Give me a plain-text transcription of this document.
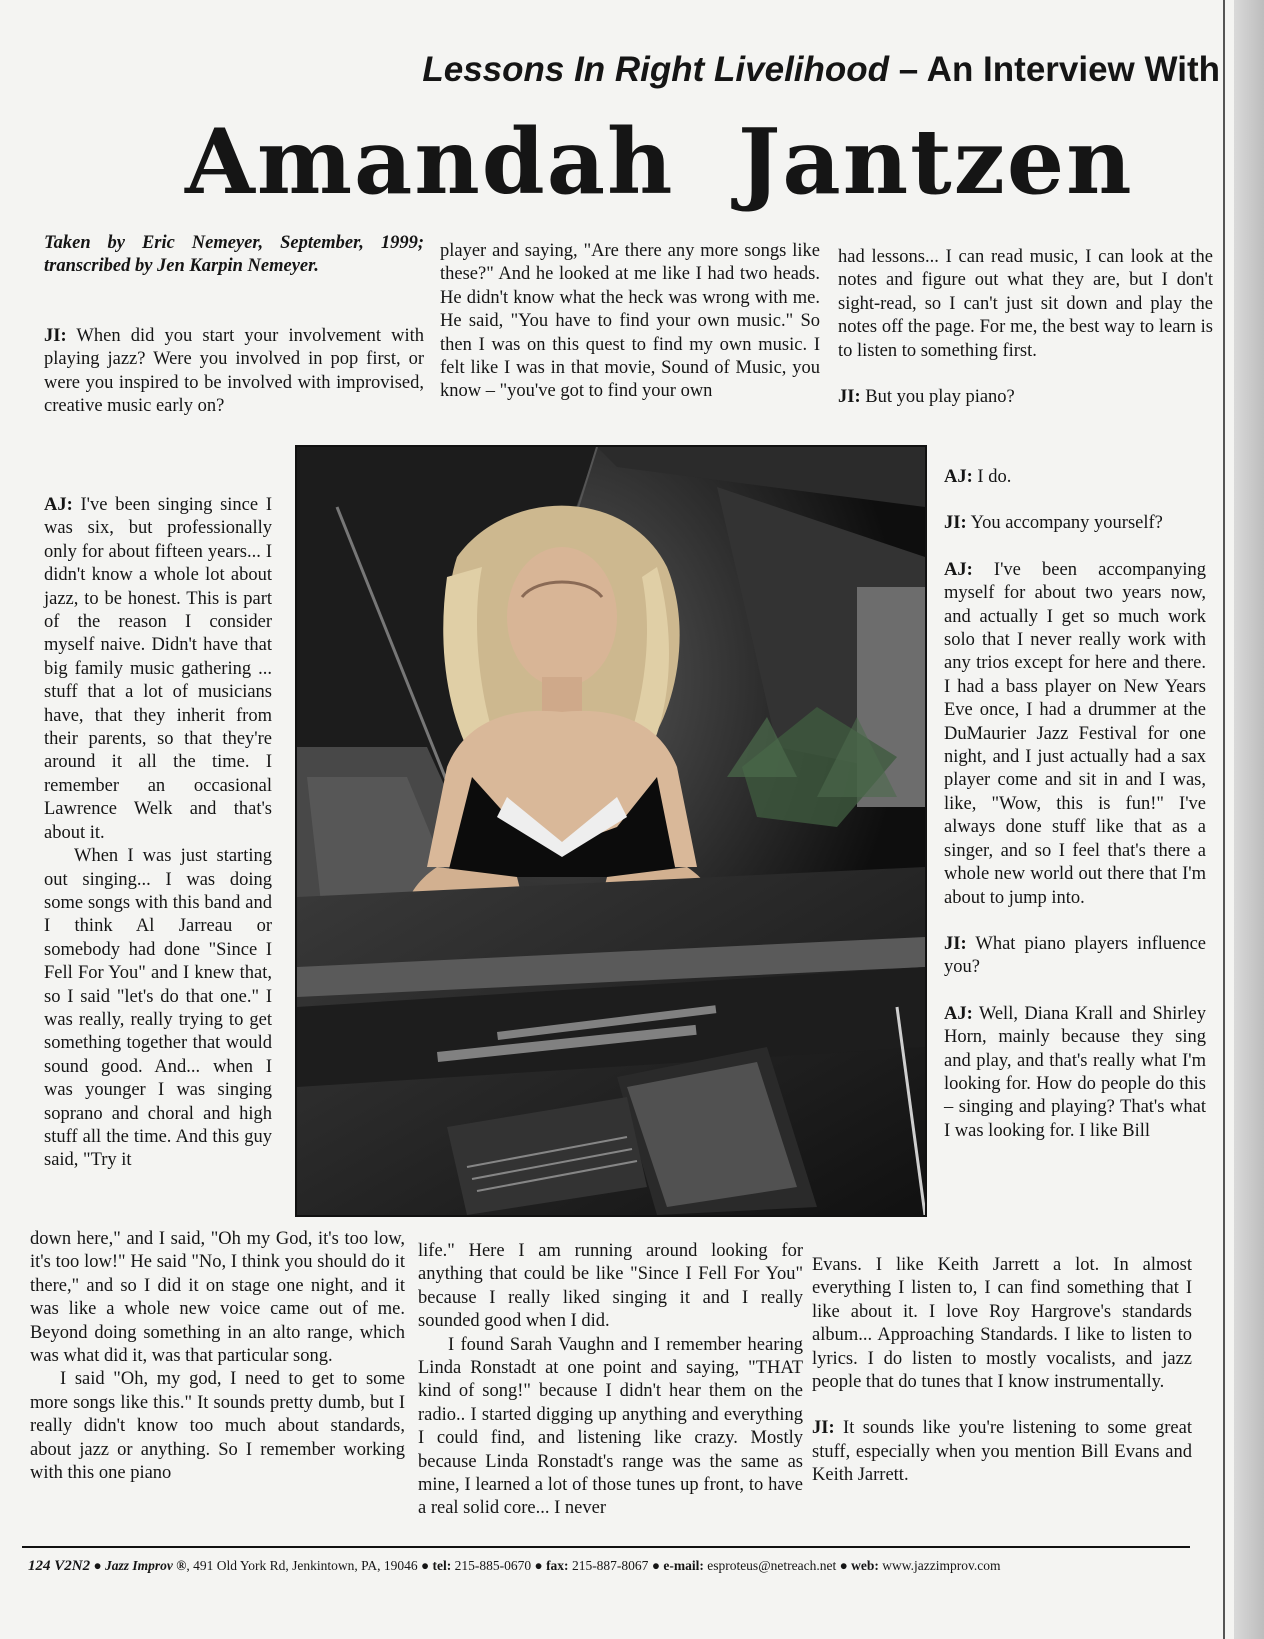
Lessons In Right Livelihood – An Interview With
Amandah Jantzen

Taken by Eric Nemeyer, September, 1999; transcribed by Jen Karpin Nemeyer.

JI: When did you start your involvement with playing jazz? Were you involved in pop first, or were you inspired to be involved with improvised, creative music early on?

AJ: I've been singing since I was six, but professionally only for about fifteen years... I didn't know a whole lot about jazz, to be honest. This is part of the reason I consider myself naive. Didn't have that big family music gathering ... stuff that a lot of musicians have, that they inherit from their parents, so that they're around it all the time. I remember an occasional Lawrence Welk and that's about it.

When I was just starting out singing... I was doing some songs with this band and I think Al Jarreau or somebody had done "Since I Fell For You" and I knew that, so I said "let's do that one." I was really, really trying to get something together that would sound good. And... when I was younger I was singing soprano and choral and high stuff all the time. And this guy said, "Try it

down here," and I said, "Oh my God, it's too low, it's too low!" He said "No, I think you should do it there," and so I did it on stage one night, and it was like a whole new voice came out of me. Beyond doing something in an alto range, which was what did it, was that particular song.

I said "Oh, my god, I need to get to some more songs like this." It sounds pretty dumb, but I really didn't know too much about standards, about jazz or anything. So I remember working with this one piano

player and saying, "Are there any more songs like these?" And he looked at me like I had two heads. He didn't know what the heck was wrong with me. He said, "You have to find your own music." So then I was on this quest to find my own music. I felt like I was in that movie, Sound of Music, you know – "you've got to find your own

life." Here I am running around looking for anything that could be like "Since I Fell For You" because I really liked singing it and I really sounded good when I did.

I found Sarah Vaughn and I remember hearing Linda Ronstadt at one point and saying, "THAT kind of song!" because I didn't hear them on the radio.. I started digging up anything and everything I could find, and listening like crazy. Mostly because Linda Ronstadt's range was the same as mine, I learned a lot of those tunes up front, to have a real solid core... I never

had lessons... I can read music, I can look at the notes and figure out what they are, but I don't sight-read, so I can't just sit down and play the notes off the page. For me, the best way to learn is to listen to something first.

JI: But you play piano?

AJ: I do.

JI: You accompany yourself?

AJ: I've been accompanying myself for about two years now, and actually I get so much work solo that I never really work with any trios except for here and there. I had a bass player on New Years Eve once, I had a drummer at the DuMaurier Jazz Festival for one night, and I just actually had a sax player come and sit in and I was, like, "Wow, this is fun!" I've always done stuff like that as a singer, and so I feel that's there a whole new world out there that I'm about to jump into.

JI: What piano players influence you?

AJ: Well, Diana Krall and Shirley Horn, mainly because they sing and play, and that's really what I'm looking for. How do people do this – singing and playing? That's what I was looking for. I like Bill

Evans. I like Keith Jarrett a lot. In almost everything I listen to, I can find something that I like about it. I love Roy Hargrove's standards album... Approaching Standards. I like to listen to lyrics. I do listen to mostly vocalists, and jazz people that do tunes that I know instrumentally.

JI: It sounds like you're listening to some great stuff, especially when you mention Bill Evans and Keith Jarrett.

124 V2N2 ● Jazz Improv ®, 491 Old York Rd, Jenkintown, PA, 19046 ● tel: 215-885-0670 ● fax: 215-887-8067 ● e-mail: esproteus@netreach.net ● web: www.jazzimprov.com
